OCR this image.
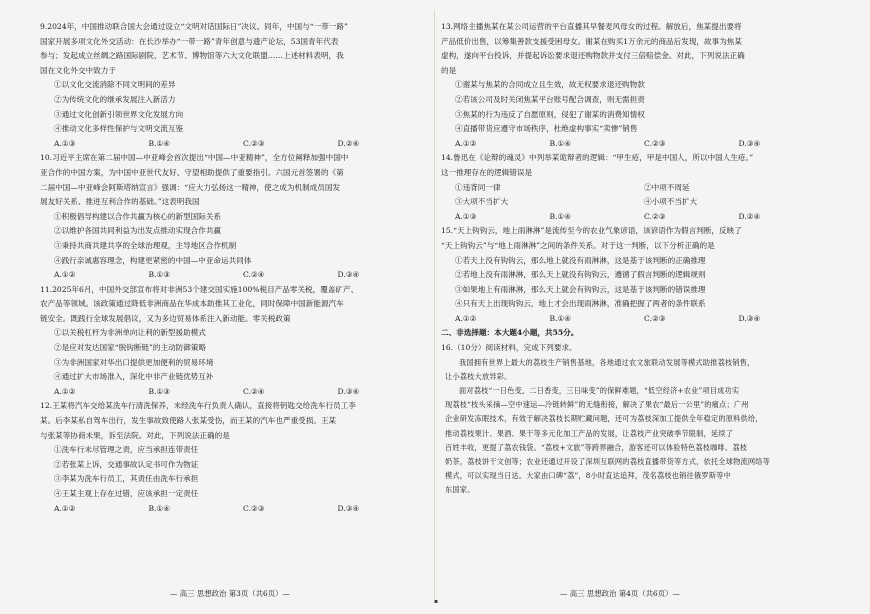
▪

9.2024年，中国推动联合国大会通过设立“文明对话国际日”决议。同年，中国与“一带一路”

国家开展多项文化外交活动：在长沙举办“一带一路”青年创意与遗产论坛，53国青年代表

参与；发起成立丝绸之路国际剧院、艺术节、博物馆等六大文化联盟……上述材料表明，我

国在文化外交中致力于

①以文化交流消除不同文明间的差异

②为传统文化的继承发展注入新活力

③通过文化创新引领世界文化发展方向

④推动文化多样性保护与文明交流互鉴

A.①③	B.①④	C.②③	D.②④

10.习近平主席在第二届中国—中亚峰会首次提出“中国—中亚精神”，全方位阐释加强中国中

亚合作的中国方案，为中国中亚世代友好、守望相助提供了重要指引。六国元首签署的《第

二届中国—中亚峰会阿斯塔纳宣言》强调：“应大力弘扬这一精神，使之成为机制成员国发

展友好关系、推进互利合作的基础。”这表明我国

①积极倡导构建以合作共赢为核心的新型国际关系

②以维护各国共同利益为出发点推动实现合作共赢

③秉持共商共建共享的全球治理观，主导地区合作机制

④践行亲诚惠容理念，构建更紧密的中国—中亚命运共同体

A.①②	B.①③	C.②④	D.③④

11.2025年6月，中国外交部宣布将对非洲53个建交国实施100%税目产品零关税，覆盖矿产、

农产品等领域。该政策通过降低非洲商品在华成本助推其工业化，同时保障中国新能源汽车

链安全。既践行全球发展倡议，又为多边贸易体系注入新动能。零关税政策

①以关税杠杆为非洲单向让利的新型援助模式

②是应对发达国家“脱钩断链”的主动防御策略

③为非洲国家对华出口提供更加便利的贸易环境

④通过扩大市场准入，深化中非产业链优势互补

A.①②	B.①③	C.②④	D.③④

12.王某将汽车交给某洗车行清洗保养，未经洗车行负责人确认，直接将钥匙交给洗车行员工李

某。后李某私自驾车出行，发生事故致使路人张某受伤，而王某的汽车也严重受损。王某

与张某等协商未果，诉至法院。对此，下列说法正确的是

①洗车行未尽管理之责，应当承担连带责任

②若张某上诉，交通事故认定书可作为物证

③李某为洗车行员工，其责任由洗车行承担

④王某主观上存在过错，应该承担一定责任

A.①②	B.①④	C.②③	D.③④

13.网络主播焦某在某公司运营的平台直播其早餐麦风母女的过程。解放后，焦某提出要将

产品低价出售，以筹集善款支援受困母女。谢某在购买1万余元的商品后发现，故事为焦某

虚构，遂向平台投诉，并提起诉讼要求退还购物款并支付三倍赔偿金。对此，下列说法正确

的是

①谢某与焦某的合同成立且生效，故无权要求退还购物款

②若该公司及时关闭焦某平台账号配合调查，则无需担责

③焦某的行为违反了自愿原则，侵犯了谢某的消费知情权

④直播带货应遵守市场秩序，杜绝虚构事实“卖惨”销售

A.①②	B.①④	C.②③	D.③④

14.鲁迅在《论辩的魂灵》中列举某诡辩者的逻辑：“甲生疮，甲是中国人，所以中国人生疮。”

这一推理存在的逻辑错误是

①违背同一律	②中项不周延
③大项不当扩大	④小项不当扩大
A.①③	B.①④	C.②③	D.②④

15.“天上钩钩云，地上雨淋淋”是流传至今的农业气象谚语，该谚语作为假言判断，反映了

“天上钩钩云”与“地上雨淋淋”之间的条件关系。对于这一判断，以下分析正确的是

①若天上没有钩钩云，那么地上就没有雨淋淋，这是基于该判断的正确推理

②若地上没有雨淋淋，那么天上就没有钩钩云，遵循了假言判断的逻辑规则

③如果地上有雨淋淋，那么天上就会有钩钩云，这是基于该判断的错误推理

④只有天上出现钩钩云，地上才会出现雨淋淋，准确把握了两者的条件联系

A.①②	B.①④	C.②③	D.③④

二、非选择题：本大题4小题，共55分。

16.（10分）阅读材料，完成下列要求。

我国拥有世界上最大的荔枝生产销售基地，各地通过农文旅联动发展等模式助推荔枝销售，

让小荔枝大放异彩。

面对荔枝“一日色变，二日香变，三日味变”的保鲜难题，“低空经济+农业”项目成功实

现荔枝“枝头采摘—空中速运—冷链转鲜”的无缝衔接，解决了果农“最后一公里”的痛点；广州

企业研发冻眠技术，有效于解决荔枝长期贮藏问题，还可为荔枝深加工提供全年稳定的原料供给，

推动荔枝果汁、果酒、果干等多元化加工产品的发展，让荔枝产业突破季节限制，延续了

百姓丰收，更提了荔农钱袋。“荔枝+文旅”等跨界融合，游客还可以体验特色荔枝咖啡、荔枝

奶茶，荔枝饼干文创等；农业还通过开设了深圳互联网的荔枝直播带货等方式，依托全球物流网络等

模式，可以实现当日达。大家由口碑“荔”，8小时直达追拜，茂名荔枝也销往俄罗斯等中

东国家。

— 高三 思想政治 第3页（共6页）—	— 高三 思想政治 第4页（共6页）—
